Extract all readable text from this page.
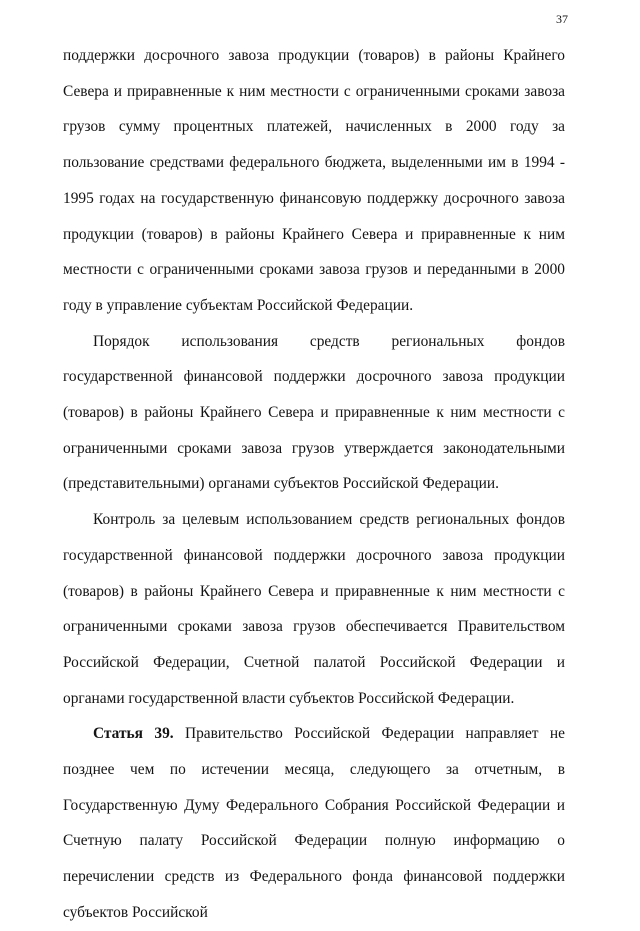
37

поддержки досрочного завоза продукции (товаров) в районы Крайнего Севера и приравненные к ним местности с ограниченными сроками завоза грузов сумму процентных платежей, начисленных в 2000 году за пользование средствами федерального бюджета, выделенными им в 1994 - 1995 годах на государственную финансовую поддержку досрочного завоза продукции (товаров) в районы Крайнего Севера и приравненные к ним местности с ограниченными сроками завоза грузов и переданными в 2000 году в управление субъектам Российской Федерации.

Порядок использования средств региональных фондов государственной финансовой поддержки досрочного завоза продукции (товаров) в районы Крайнего Севера и приравненные к ним местности с ограниченными сроками завоза грузов утверждается законодательными (представительными) органами субъектов Российской Федерации.

Контроль за целевым использованием средств региональных фондов государственной финансовой поддержки досрочного завоза продукции (товаров) в районы Крайнего Севера и приравненные к ним местности с ограниченными сроками завоза грузов обеспечивается Правительством Российской Федерации, Счетной палатой Российской Федерации и органами государственной власти субъектов Российской Федерации.

Статья 39. Правительство Российской Федерации направляет не позднее чем по истечении месяца, следующего за отчетным, в Государственную Думу Федерального Собрания Российской Федерации и Счетную палату Российской Федерации полную информацию о перечислении средств из Федерального фонда финансовой поддержки субъектов Российской
